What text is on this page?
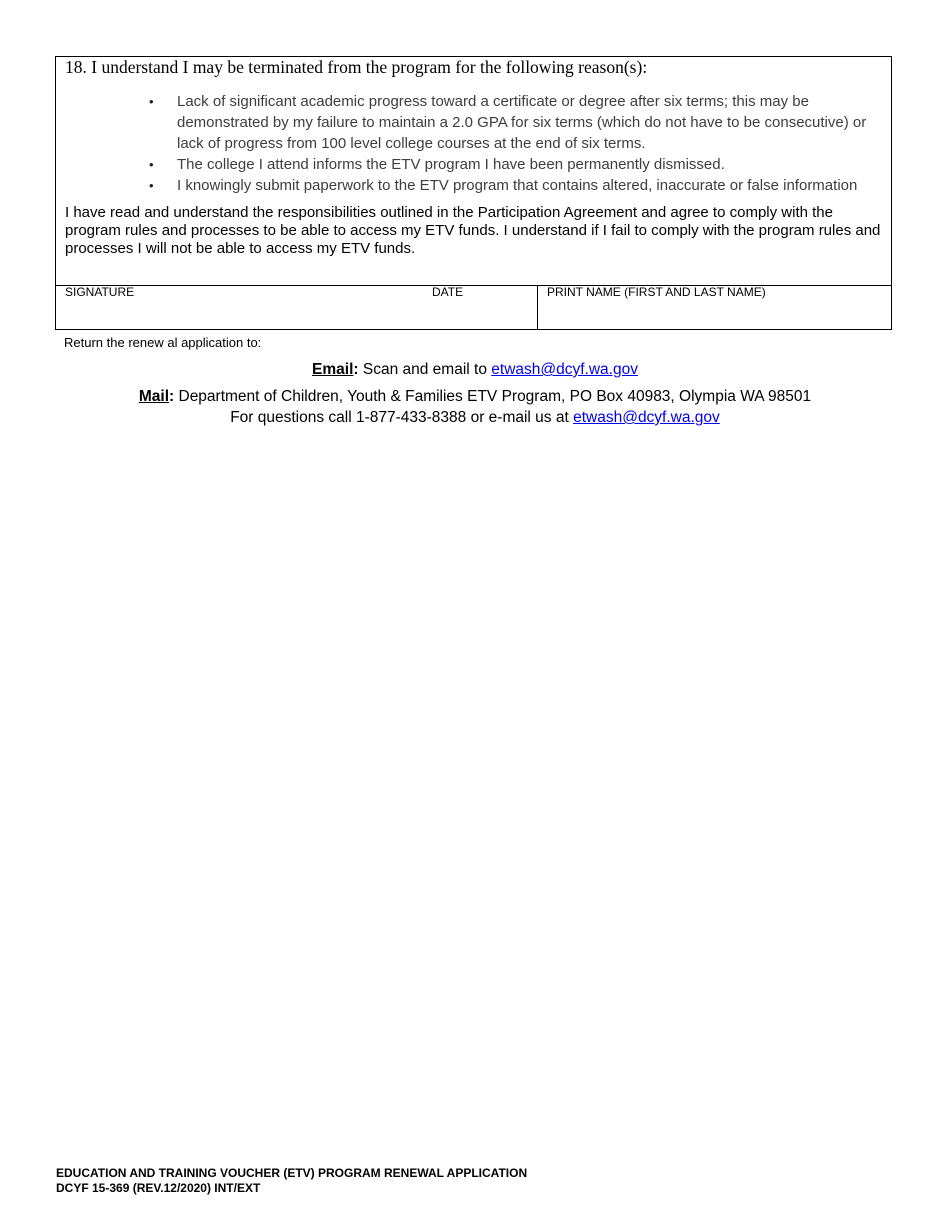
18. I understand I may be terminated from the program for the following reason(s):
• Lack of significant academic progress toward a certificate or degree after six terms; this may be demonstrated by my failure to maintain a 2.0 GPA for six terms (which do not have to be consecutive) or lack of progress from 100 level college courses at the end of six terms.
• The college I attend informs the ETV program I have been permanently dismissed.
• I knowingly submit paperwork to the ETV program that contains altered, inaccurate or false information
I have read and understand the responsibilities outlined in the Participation Agreement and agree to comply with the program rules and processes to be able to access my ETV funds. I understand if I fail to comply with the program rules and processes I will not be able to access my ETV funds.
SIGNATURE	DATE	PRINT NAME (FIRST AND LAST NAME)
Return the renew al application to:
Email: Scan and email to etwash@dcyf.wa.gov
Mail: Department of Children, Youth & Families ETV Program, PO Box 40983, Olympia WA 98501
For questions call 1-877-433-8388 or e-mail us at etwash@dcyf.wa.gov
EDUCATION AND TRAINING VOUCHER (ETV) PROGRAM RENEWAL APPLICATION
DCYF 15-369 (REV.12/2020) INT/EXT
